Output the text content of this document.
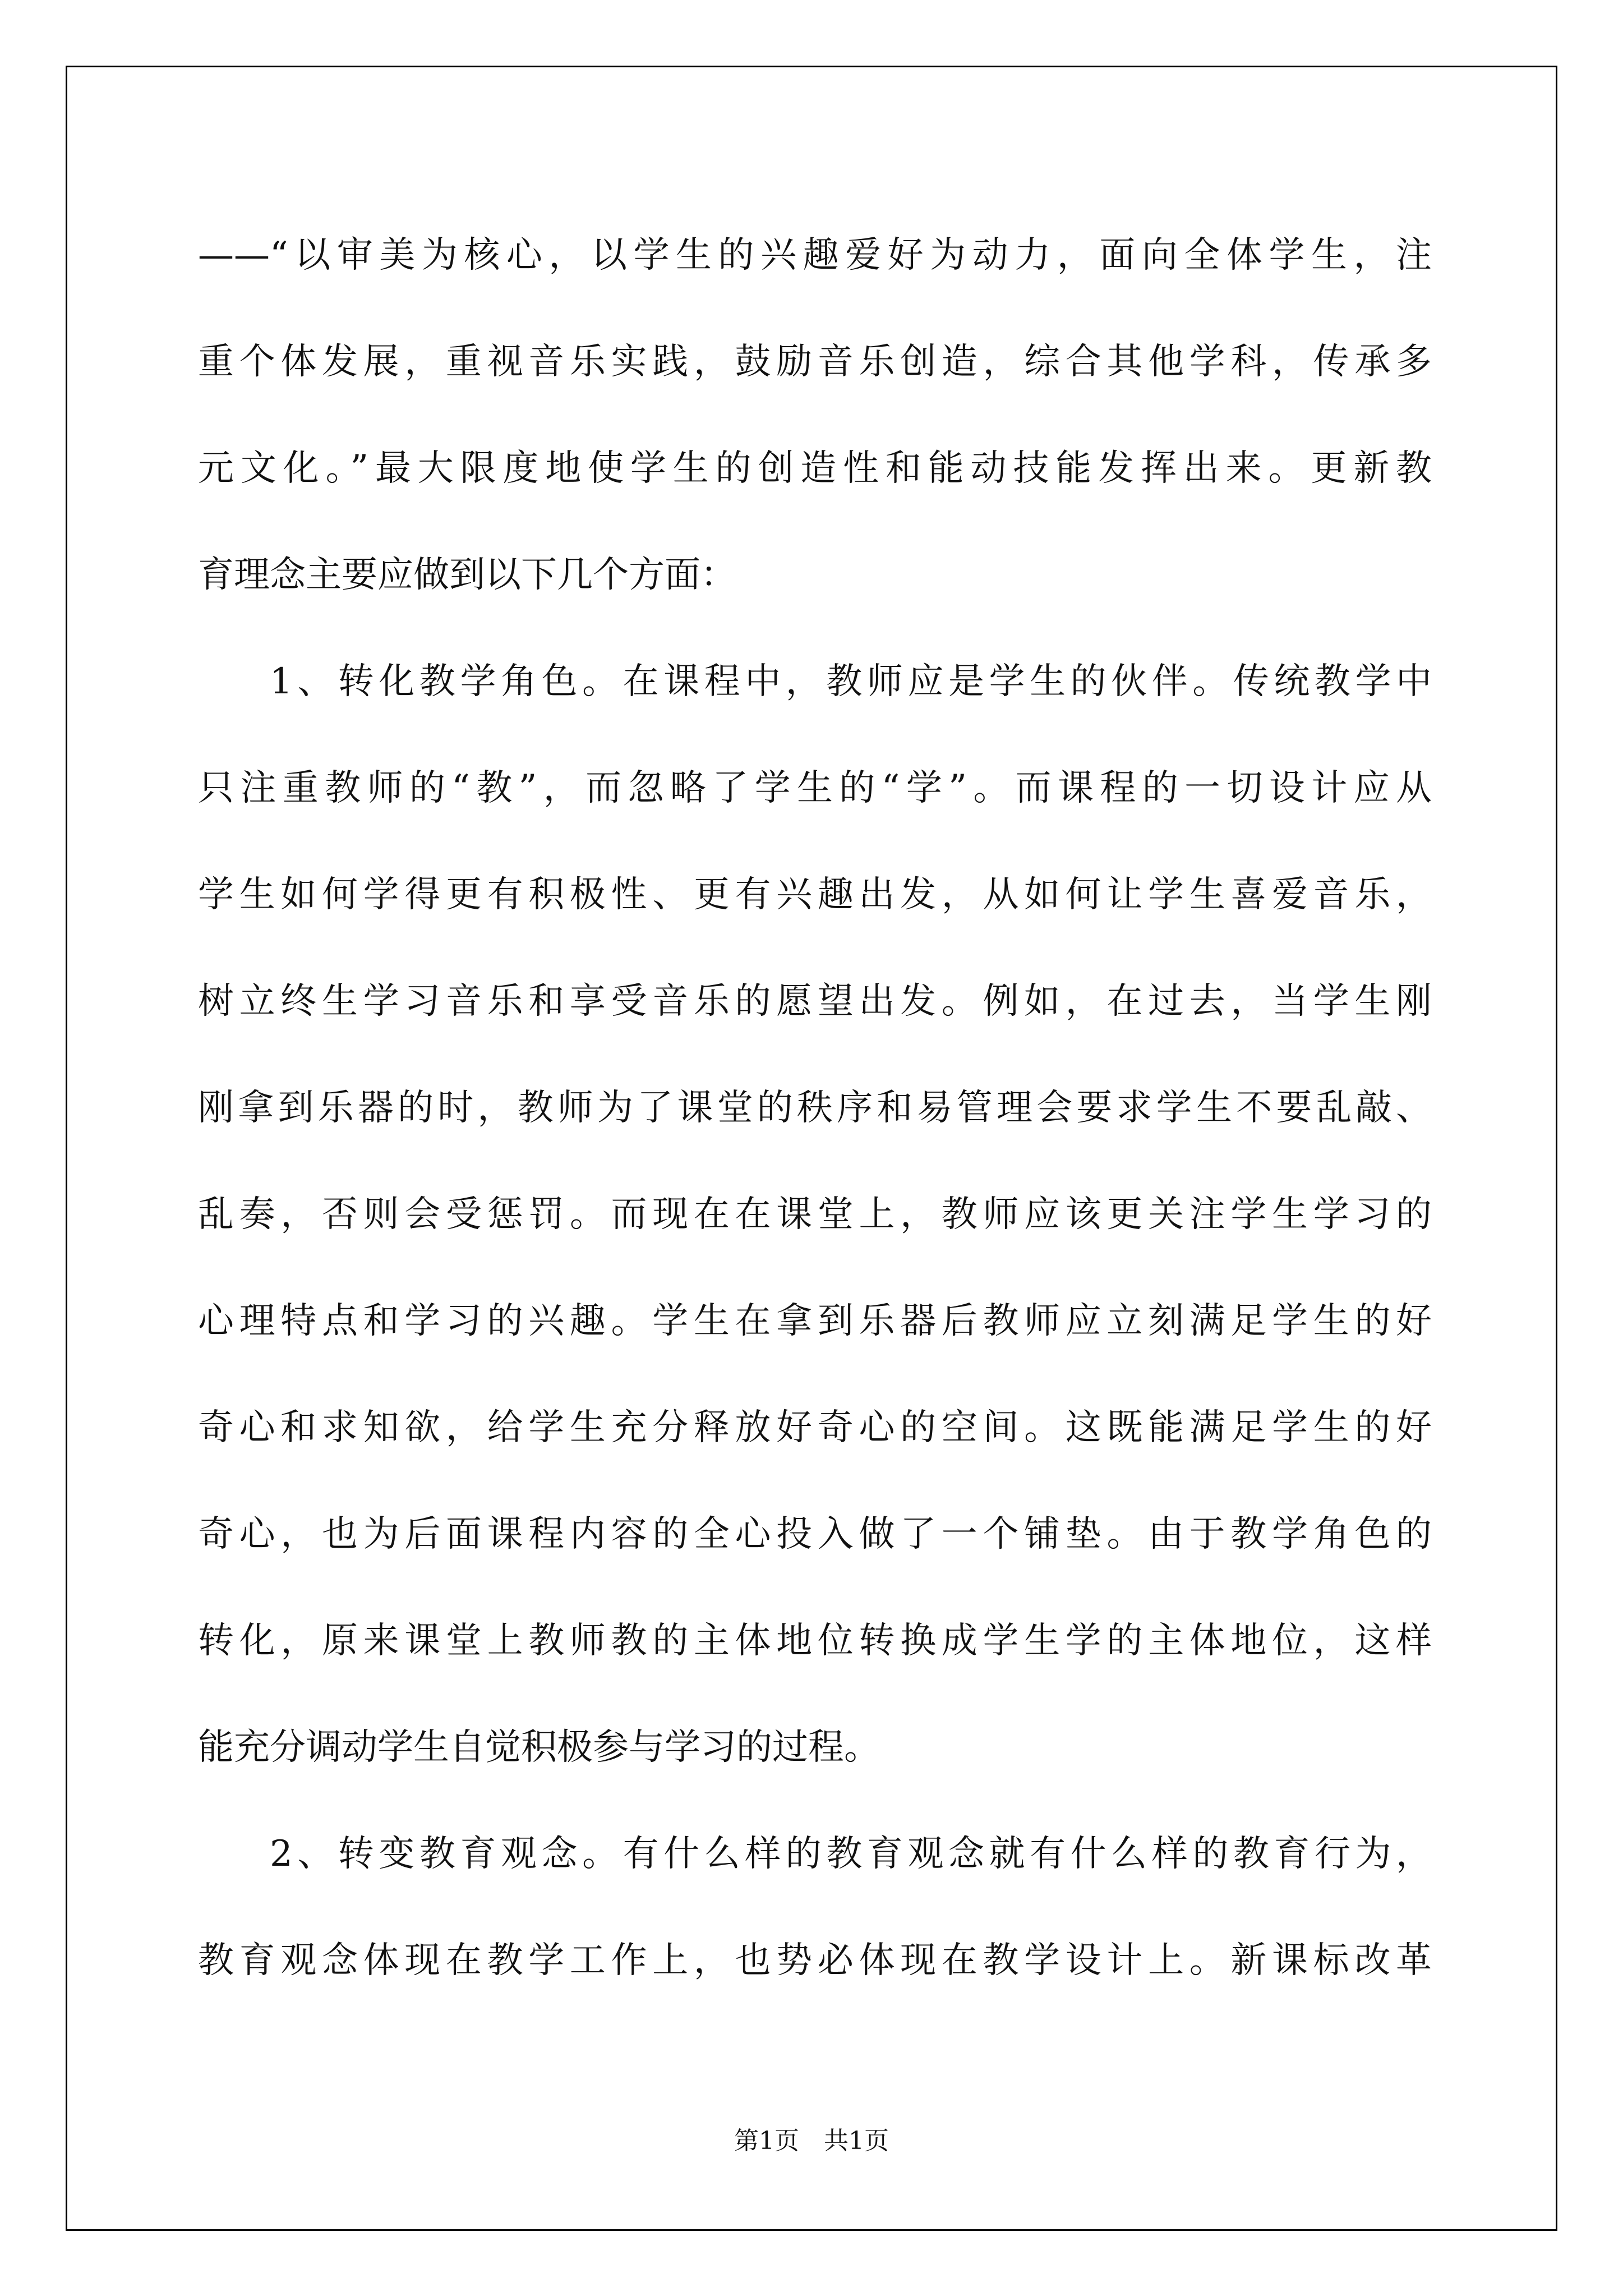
——“以审美为核心，以学生的兴趣爱好为动力，面向全体学生，注
重个体发展，重视音乐实践，鼓励音乐创造，综合其他学科，传承多
元文化。”最大限度地使学生的创造性和能动技能发挥出来。更新教
育理念主要应做到以下几个方面：
1、转化教学角色。在课程中，教师应是学生的伙伴。传统教学中
只注重教师的“教”，而忽略了学生的“学”。而课程的一切设计应从
学生如何学得更有积极性、更有兴趣出发，从如何让学生喜爱音乐，
树立终生学习音乐和享受音乐的愿望出发。例如，在过去，当学生刚
刚拿到乐器的时，教师为了课堂的秩序和易管理会要求学生不要乱敲、
乱奏，否则会受惩罚。而现在在课堂上，教师应该更关注学生学习的
心理特点和学习的兴趣。学生在拿到乐器后教师应立刻满足学生的好
奇心和求知欲，给学生充分释放好奇心的空间。这既能满足学生的好
奇心，也为后面课程内容的全心投入做了一个铺垫。由于教学角色的
转化，原来课堂上教师教的主体地位转换成学生学的主体地位，这样
能充分调动学生自觉积极参与学习的过程。
2、转变教育观念。有什么样的教育观念就有什么样的教育行为，
教育观念体现在教学工作上，也势必体现在教学设计上。新课标改革
第1页　共1页
